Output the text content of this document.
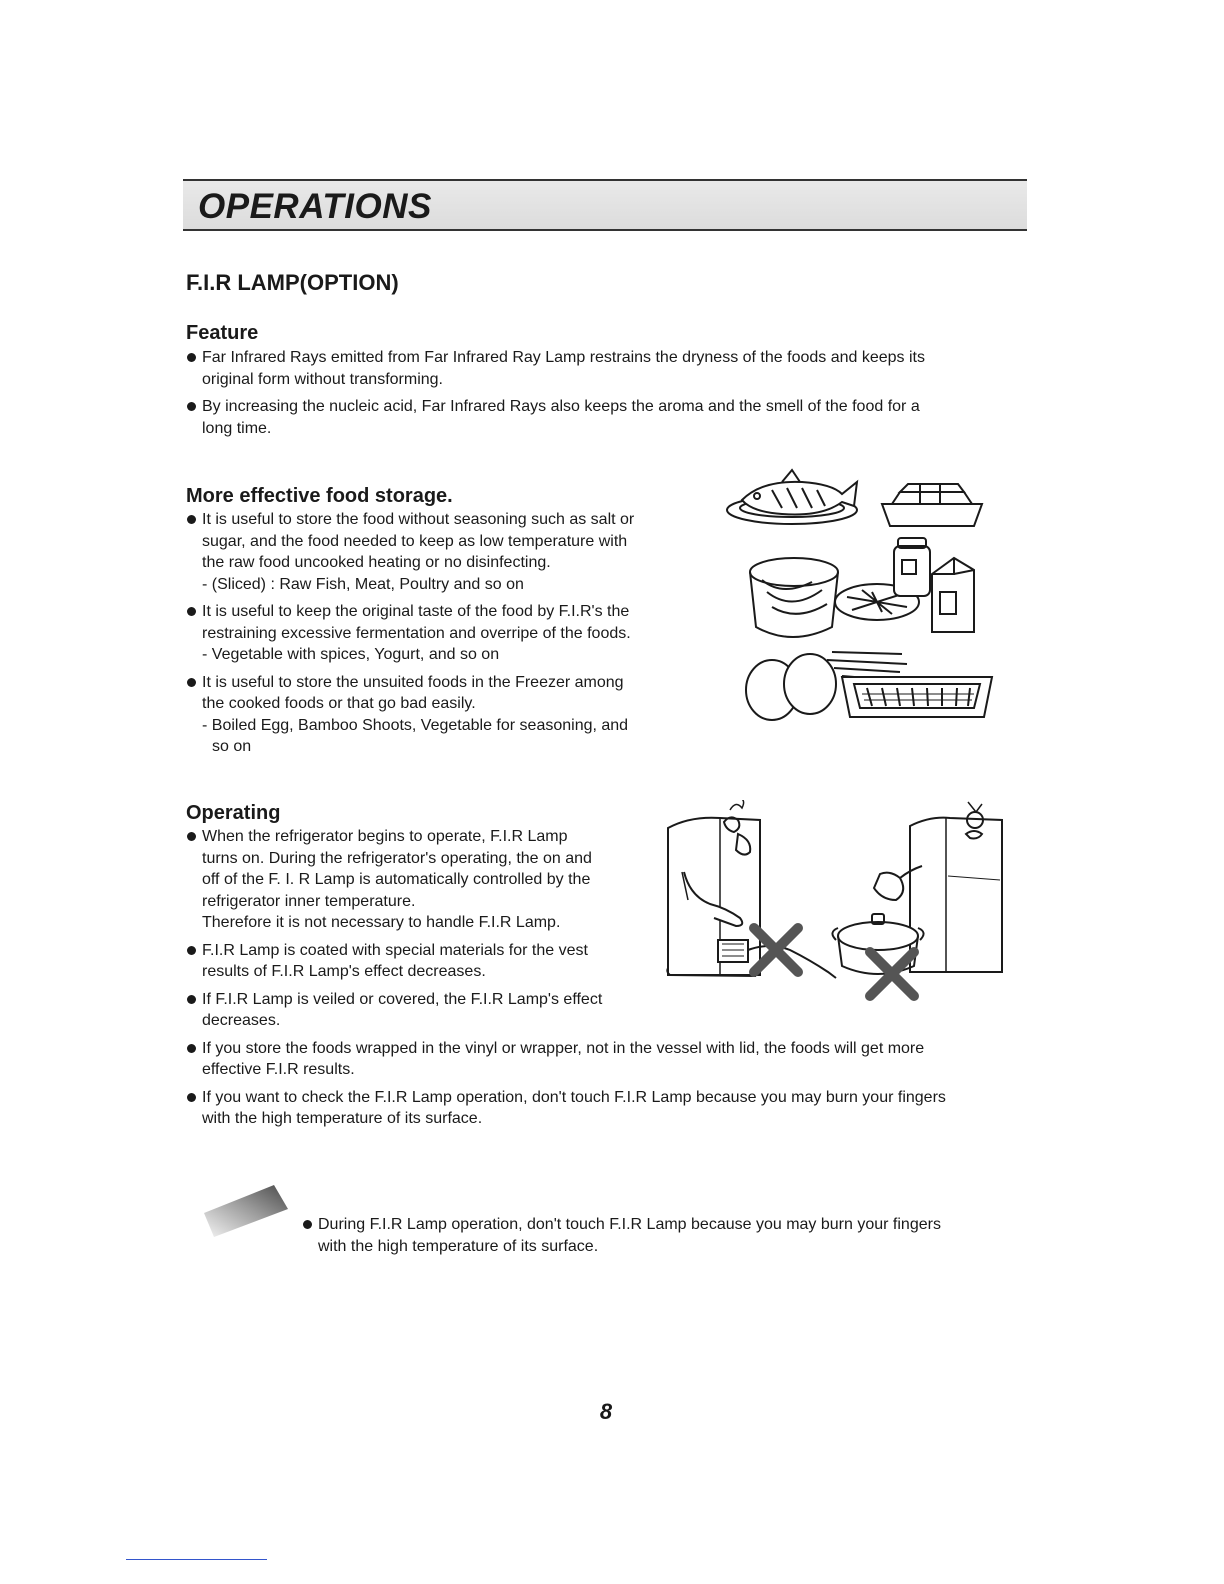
OPERATIONS
F.I.R LAMP(OPTION)
Feature
Far Infrared Rays emitted from Far Infrared Ray Lamp restrains the dryness of the foods and keeps its
original form without transforming.
By increasing the nucleic acid, Far Infrared Rays also keeps the aroma and the smell of the food for a
long time.
More effective food storage.
It is useful to store the food without seasoning such as salt or
sugar, and the food needed to keep as low temperature with
the raw food uncooked heating or no disinfecting.
- (Sliced) : Raw Fish, Meat, Poultry and so on
It is useful to keep the original taste of the food by F.I.R's the
restraining excessive fermentation and overripe of the foods.
- Vegetable with spices, Yogurt, and so on
It is useful to store the unsuited foods in the Freezer among
the cooked foods or that go bad easily.
- Boiled Egg, Bamboo Shoots, Vegetable for seasoning, and
so on
Operating
When the refrigerator begins to operate, F.I.R Lamp
turns on. During the refrigerator's operating, the on and
off of the F. I. R Lamp is automatically controlled by the
refrigerator inner temperature.
Therefore it is not necessary to handle F.I.R Lamp.
F.I.R Lamp is coated with special materials for the vest
results of F.I.R Lamp's effect decreases.
If F.I.R Lamp is veiled or covered, the F.I.R Lamp's effect
decreases.
If you store the foods wrapped in the vinyl or wrapper, not in the vessel with lid, the foods will get more
effective F.I.R results.
If you want to check the F.I.R Lamp operation, don't touch F.I.R Lamp because you may burn your fingers
with the high temperature of its surface.
During F.I.R Lamp operation, don't touch F.I.R Lamp because you may burn your fingers
with the high temperature of its surface.
8
